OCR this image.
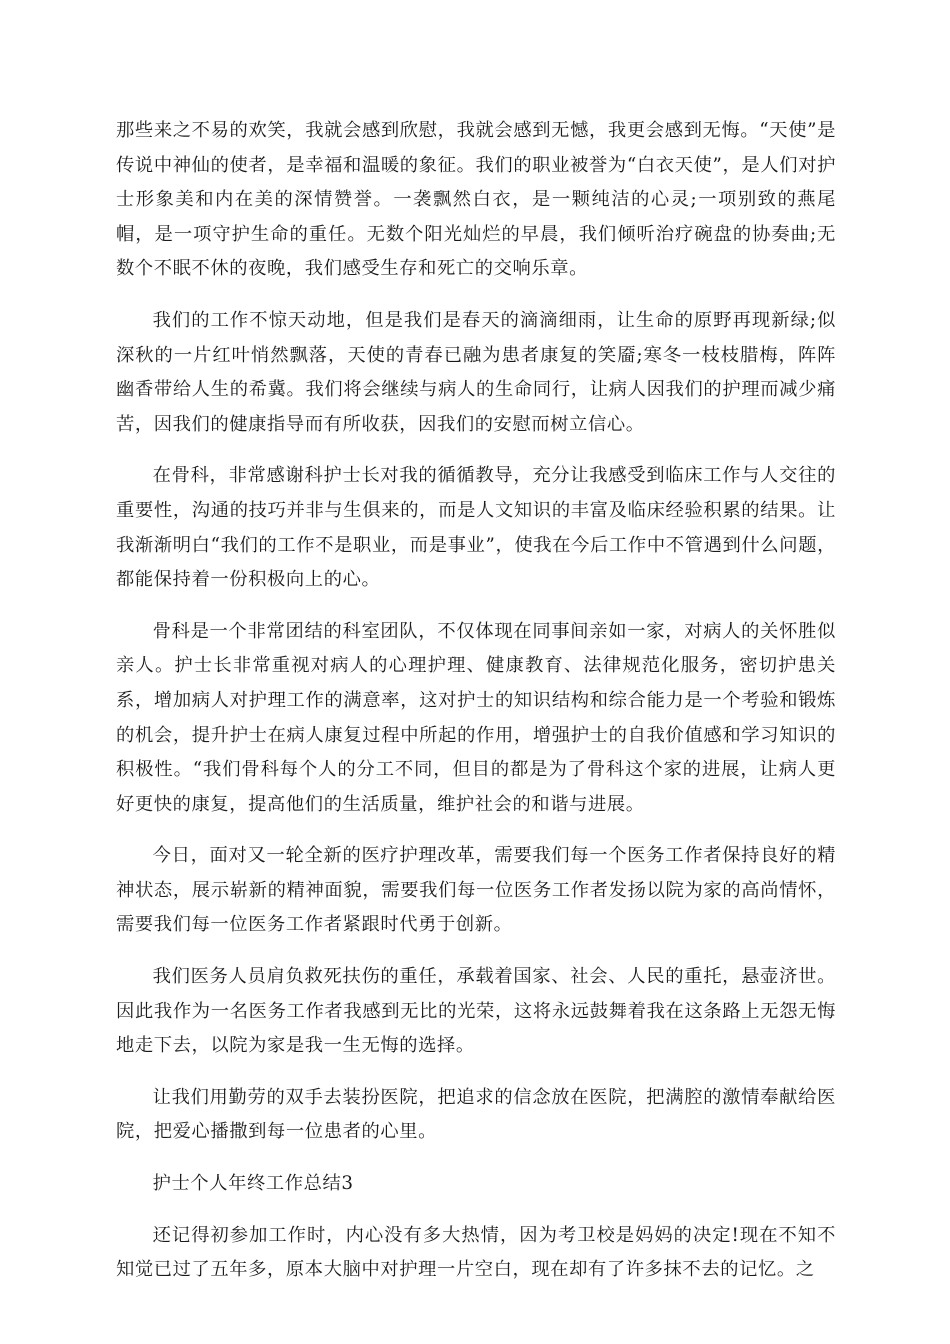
那些来之不易的欢笑，我就会感到欣慰，我就会感到无憾，我更会感到无悔。“天使”是传说中神仙的使者，是幸福和温暖的象征。我们的职业被誉为“白衣天使”，是人们对护士形象美和内在美的深情赞誉。一袭飘然白衣，是一颗纯洁的心灵;一项别致的燕尾帽，是一项守护生命的重任。无数个阳光灿烂的早晨，我们倾听治疗碗盘的协奏曲;无数个不眠不休的夜晚，我们感受生存和死亡的交响乐章。

我们的工作不惊天动地，但是我们是春天的滴滴细雨，让生命的原野再现新绿;似深秋的一片红叶悄然飘落，天使的青春已融为患者康复的笑靥;寒冬一枝枝腊梅，阵阵幽香带给人生的希冀。我们将会继续与病人的生命同行，让病人因我们的护理而减少痛苦，因我们的健康指导而有所收获，因我们的安慰而树立信心。

在骨科，非常感谢科护士长对我的循循教导，充分让我感受到临床工作与人交往的重要性，沟通的技巧并非与生俱来的，而是人文知识的丰富及临床经验积累的结果。让我渐渐明白“我们的工作不是职业，而是事业”，使我在今后工作中不管遇到什么问题，都能保持着一份积极向上的心。

骨科是一个非常团结的科室团队，不仅体现在同事间亲如一家，对病人的关怀胜似亲人。护士长非常重视对病人的心理护理、健康教育、法律规范化服务，密切护患关系，增加病人对护理工作的满意率，这对护士的知识结构和综合能力是一个考验和锻炼的机会，提升护士在病人康复过程中所起的作用，增强护士的自我价值感和学习知识的积极性。“我们骨科每个人的分工不同，但目的都是为了骨科这个家的进展，让病人更好更快的康复，提高他们的生活质量，维护社会的和谐与进展。

今日，面对又一轮全新的医疗护理改革，需要我们每一个医务工作者保持良好的精神状态，展示崭新的精神面貌，需要我们每一位医务工作者发扬以院为家的高尚情怀，需要我们每一位医务工作者紧跟时代勇于创新。

我们医务人员肩负救死扶伤的重任，承载着国家、社会、人民的重托，悬壶济世。因此我作为一名医务工作者我感到无比的光荣，这将永远鼓舞着我在这条路上无怨无悔地走下去，以院为家是我一生无悔的选择。

让我们用勤劳的双手去装扮医院，把追求的信念放在医院，把满腔的激情奉献给医院，把爱心播撒到每一位患者的心里。

护士个人年终工作总结3

还记得初参加工作时，内心没有多大热情，因为考卫校是妈妈的决定!现在不知不知觉已过了五年多，原本大脑中对护理一片空白，现在却有了许多抹不去的记忆。之
